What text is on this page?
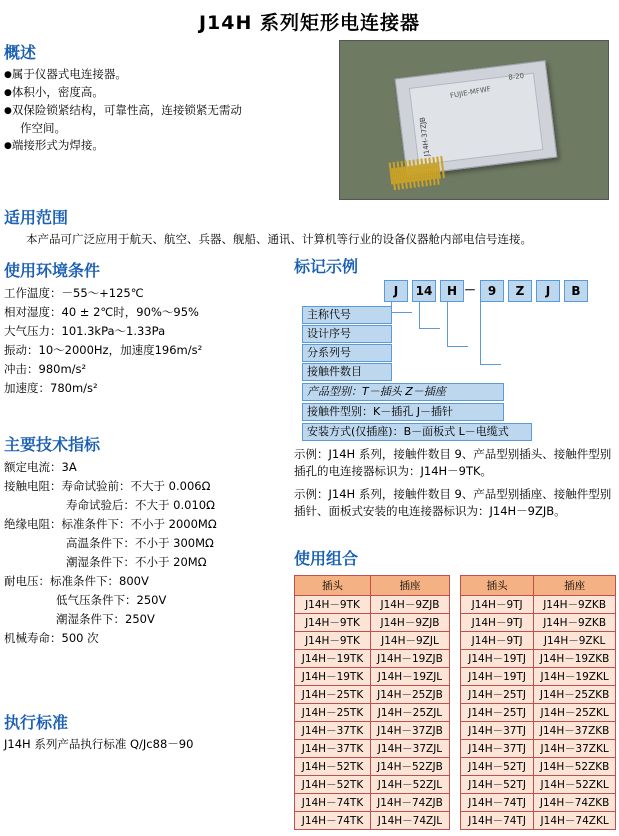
J14H 系列矩形电连接器
概述
●属于仪器式电连接器。
●体积小，密度高。
●双保险锁紧结构，可靠性高，连接锁紧无需动
作空间。
●端接形式为焊接。	J14H-37ZJB
FUJIE-MFWF
8-20
适用范围
本产品可广泛应用于航天、航空、兵器、舰船、通讯、计算机等行业的设备仪器舱内部电信号连接。
使用环境条件
工作温度：－55～+125℃
相对湿度：40 ± 2℃时，90%～95%
大气压力：101.3kPa～1.33Pa
振动：10～2000Hz，加速度196m/s²
冲击：980m/s²
加速度：780m/s²
主要技术指标
额定电流：3A
接触电阻：寿命试验前：不大于 0.006Ω
寿命试验后：不大于 0.010Ω
绝缘电阻：标准条件下：不小于 2000MΩ
高温条件下：不小于 300MΩ
潮湿条件下：不小于 20MΩ
耐电压：标准条件下：800V
低气压条件下：250V
潮湿条件下：250V
机械寿命：500 次
执行标准
J14H 系列产品执行标准 Q/Jc88－90
标记示例
J	14	H － 9	Z	J	B
主称代号
设计序号
分系列号
接触件数目
产品型别：T－插头 Z－插座
接触件型别：K－插孔 J－插针
安装方式(仅插座)：B－面板式 L－电缆式
示例：J14H 系列，接触件数目 9、产品型别插头、接触件型别插孔的电连接器标识为：J14H－9TK。
示例：J14H 系列，接触件数目 9、产品型别插座、接触件型别插针、面板式安装的电连接器标识为：J14H－9ZJB。
使用组合
插头	插座
J14H－9TK	J14H－9ZJB
J14H－9TK	J14H－9ZJB
J14H－9TK	J14H－9ZJL
J14H－19TK	J14H－19ZJB
J14H－19TK	J14H－19ZJL
J14H－25TK	J14H－25ZJB
J14H－25TK	J14H－25ZJL
J14H－37TK	J14H－37ZJB
J14H－37TK	J14H－37ZJL
J14H－52TK	J14H－52ZJB
J14H－52TK	J14H－52ZJL
J14H－74TK	J14H－74ZJB
J14H－74TK	J14H－74ZJL
插头	插座
J14H－9TJ	J14H－9ZKB
J14H－9TJ	J14H－9ZKB
J14H－9TJ	J14H－9ZKL
J14H－19TJ	J14H－19ZKB
J14H－19TJ	J14H－19ZKL
J14H－25TJ	J14H－25ZKB
J14H－25TJ	J14H－25ZKL
J14H－37TJ	J14H－37ZKB
J14H－37TJ	J14H－37ZKL
J14H－52TJ	J14H－52ZKB
J14H－52TJ	J14H－52ZKL
J14H－74TJ	J14H－74ZKB
J14H－74TJ	J14H－74ZKL
